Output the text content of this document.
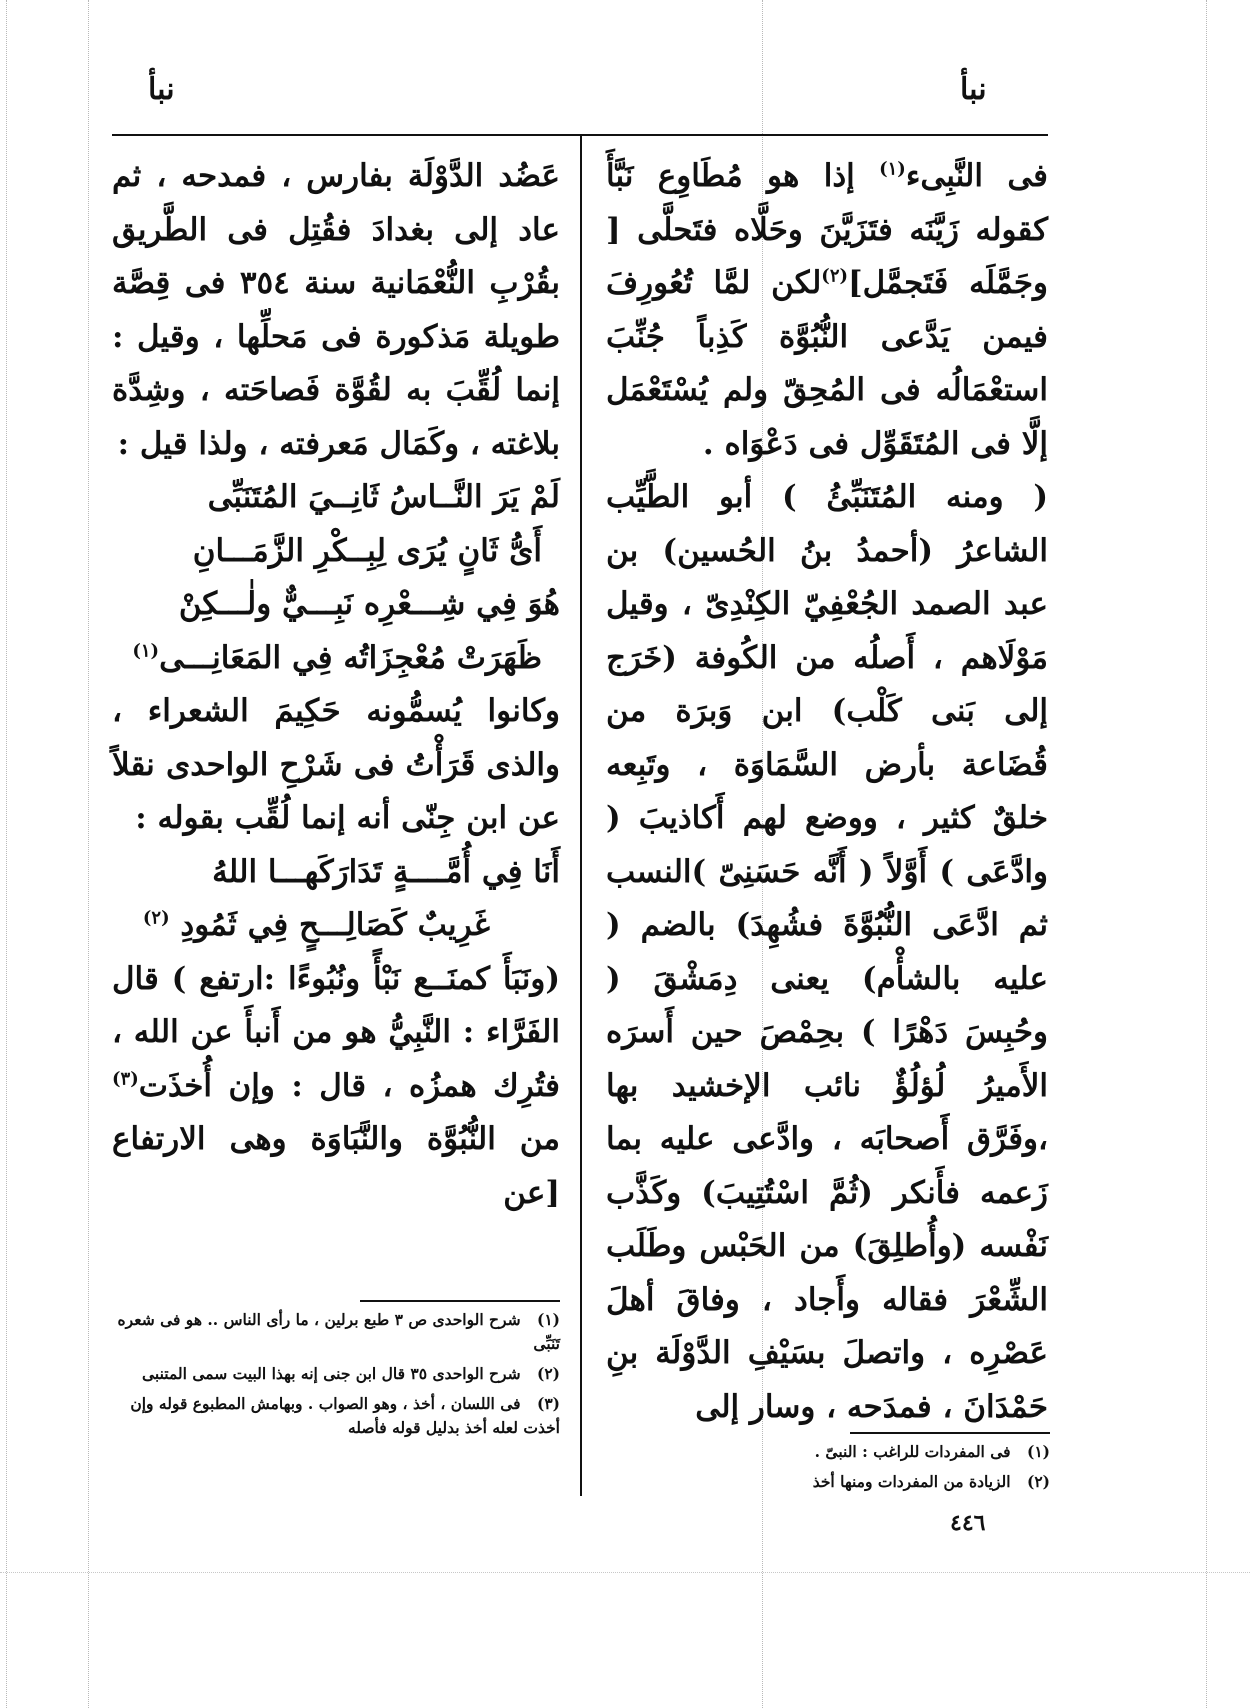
نبأ	نبأ

فى النَّبِىء$^{(١)}$ إذا هو مُطَاوِع نَبَّأَ كقوله زَيَّنَه فتَزَيَّنَ وحَلَّاه فتَحلَّى [ وجَمَّلَه فَتَجمَّل]$^{(٢)}$لكن لمَّا تُعُورِفَ فيمن يَدَّعى النُّبُوَّة كَذِباً جُنِّبَ استعْمَالُه فى المُحِقّ ولم يُسْتَعْمَل إلَّا فى المُتَقَوِّل فى دَعْوَاه .

( ومنه المُتَنَبِّئُ ) أبو الطَّيِّب الشاعرُ (أحمدُ بنُ الحُسين) بن عبد الصمد الجُعْفِيّ الكِنْدِىّ ، وقيل مَوْلَاهم ، أَصلُه من الكُوفة (خَرَج إلى بَنى كَلْب) ابن وَبرَة من قُضَاعة بأرض السَّمَاوَة ، وتَبِعه خلقٌ كثير ، ووضع لهم أَكاذيبَ ( وادَّعَى ) أَوَّلاً ( أَنَّه حَسَنِىّ )النسب ثم ادَّعَى النُّبُوَّةَ فشُهِدَ) بالضم ( عليه بالشأْم) يعنى دِمَشْقَ ( وحُبِسَ دَهْرًا ) بحِمْصَ حين أَسرَه الأَميرُ لُؤلُؤٌ نائب الإخشيد بها ،وفَرَّق أَصحابَه ، وادَّعى عليه بما زَعمه فأَنكر (ثُمَّ اسْتُتِيبَ) وكَذَّب نَفْسه (وأُطلِقَ) من الحَبْس وطَلَب الشِّعْرَ فقاله وأَجاد ، وفاقَ أهلَ عَصْرِه ، واتصلَ بسَيْفِ الدَّوْلَة بنِ حَمْدَانَ ، فمدَحه ، وسار إلى

عَضُد الدَّوْلَة بفارس ، فمدحه ، ثم عاد إلى بغدادَ فقُتِل فى الطَّريق بقُرْبِ النُّعْمَانية سنة ٣٥٤ فى قِصَّة طويلة مَذكورة فى مَحلِّها ، وقيل : إنما لُقِّبَ به لقُوَّة فَصاحَته ، وشِدَّة بلاغته ، وكَمَال مَعرفته ، ولذا قيل :

لَمْ يَرَ النَّــاسُ ثَانِــيَ المُتَنَبِّى
أَىُّ ثَانٍ يُرَى لِبِــكْرِ الزَّمَـــانِ
هُوَ فِي شِـــعْرِه نَبِـــيٌّ ولٰـــكِنْ
ظَهَرَتْ مُعْجِزَاتُه فِي المَعَانِـــى$^{(١)}$

وكانوا يُسمُّونه حَكِيمَ الشعراء ، والذى قَرَأْتُ فى شَرْحِ الواحدى نقلاً عن ابن جِنّى أنه إنما لُقِّب بقوله :

أَنَا فِي أُمَّــــةٍ تَدَارَكَهـــا اللهُ
غَرِيبٌ كَصَالِـــحٍ فِي ثَمُودِ $^{(٢)}$

(ونَبَأَ كمنَــع نَبْأً ونُبُوءًا :ارتفع ) قال الفَرَّاء : النَّبِيُّ هو من أَنبأَ عن الله ، فتُرِك همزُه ، قال : وإن أُخذَت$^{(٣)}$ من النُّبُوَّة والنَّبَاوَة وهى الارتفاع [عن

(١) شرح الواحدى ص ٣ طبع برلين ، ما رأى الناس .. هو فى شعره تَنَبِّى

(٢) شرح الواحدى ٣٥ قال ابن جنى إنه بهذا البيت سمى المتنبى

(٣) فى اللسان ، أخذ ، وهو الصواب . وبهامش المطبوع قوله وإن أخذت لعله أخذ بدليل قوله فأصله

(١) فى المفردات للراغب : النبىّ .

(٢) الزيادة من المفردات ومنها أخذ

٤٤٦
